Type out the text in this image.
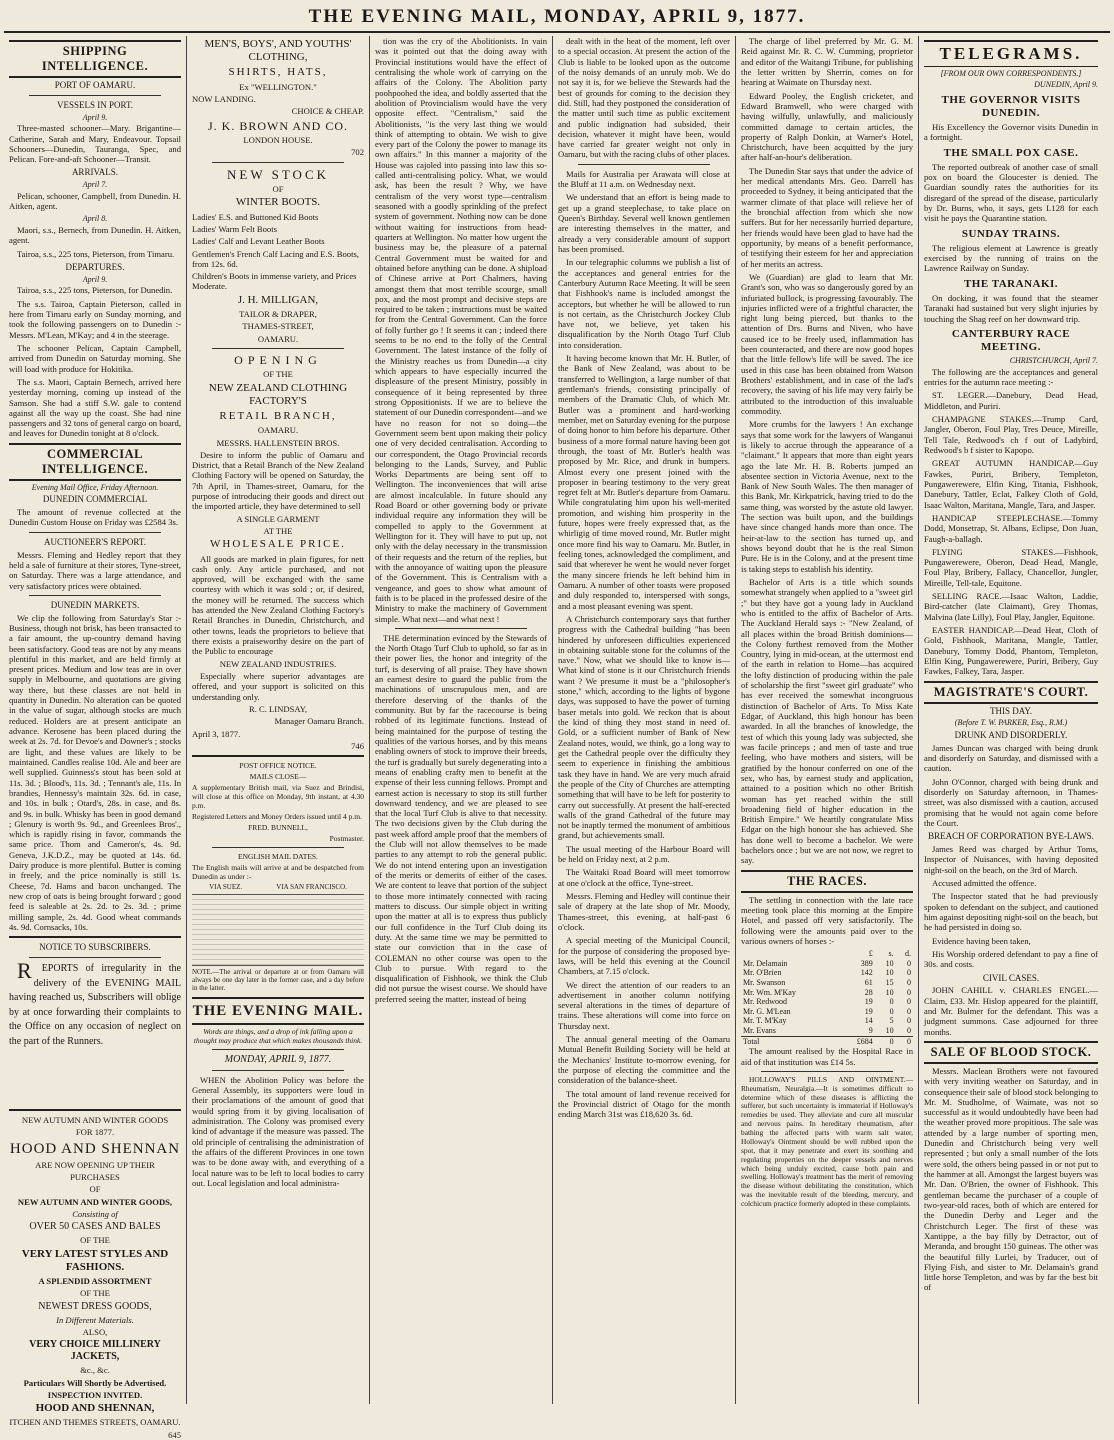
THE EVENING MAIL, MONDAY, APRIL 9, 1877.
SHIPPING INTELLIGENCE.
PORT OF OAMARU.
VESSELS IN PORT.
April 9.

Three-masted schooner—Mary. Brigantine—Catherine, Sarah and Mary, Endeavour. Topsail Schooners—Dunedin, Tauranga, Spec, and Pelican. Fore-and-aft Schooner—Transit.

ARRIVALS.
April 7.

Pelican, schooner, Campbell, from Dunedin. H. Aitken, agent.

April 8.

Maori, s.s., Bernech, from Dunedin. H. Aitken, agent.

Tairoa, s.s., 225 tons, Pieterson, from Timaru.

DEPARTURES.
April 9.

Tairoa, s.s., 225 tons, Pieterson, for Dunedin.

The s.s. Tairoa, Captain Pieterson, called in here from Timaru early on Sunday morning, and took the following passengers on to Dunedin :- Messrs. M'Lean, M'Kay; and 4 in the steerage.

The schooner Pelican, Captain Campbell, arrived from Dunedin on Saturday morning. She will load with produce for Hokitika.

The s.s. Maori, Captain Bernech, arrived here yesterday morning, coming up instead of the Samson. She had a stiff S.W. gale to contend against all the way up the coast. She had nine passengers and 32 tons of general cargo on board, and leaves for Dunedin tonight at 8 o'clock.

COMMERCIAL INTELLIGENCE.
Evening Mail Office, Friday Afternoon.
DUNEDIN COMMERCIAL

The amount of revenue collected at the Dunedin Custom House on Friday was £2584 3s.

AUCTIONEER'S REPORT.

Messrs. Fleming and Hedley report that they held a sale of furniture at their stores, Tyne-street, on Saturday. There was a large attendance, and very satisfactory prices were obtained.

DUNEDIN MARKETS.

We clip the following from Saturday's Star :- Business, though not brisk, has been transacted to a fair amount, the up-country demand having been satisfactory. Good teas are not by any means plentiful in this market, and are held firmly at present prices. Medium and low teas are in over supply in Melbourne, and quotations are giving way there, but these classes are not held in quantity in Dunedin. No alteration can be quoted in the value of sugar, although stocks are much reduced. Holders are at present anticipate an advance. Kerosene has been placed during the week at 2s. 7d. for Devoe's and Downer's ; stocks are light, and these values are likely to be maintained. Candles realise 10d. Ale and beer are well supplied. Guinness's stout has been sold at 11s. 3d. ; Blood's, 11s. 3d. ; Tennant's ale, 11s. In brandies, Hennessy's maintain 32s. 6d. in case, and 10s. in bulk ; Otard's, 28s. in case, and 8s. and 9s. in bulk. Whisky has been in good demand ; Glenury is worth 9s. 9d., and Greenlees Bros'., which is rapidly rising in favor, commands the same price. Thom and Cameron's, 4s. 9d. Geneva, J.K.D.Z., may be quoted at 14s. 6d. Dairy produce is more plentiful. Butter is coming in freely, and the price nominally is still 1s. Cheese, 7d. Hams and bacon unchanged. The new crop of oats is being brought forward ; good feed is saleable at 2s. 2d. to 2s. 3d. ; prime milling sample, 2s. 4d. Good wheat commands 4s. 9d. Cornsacks, 10s.

NOTICE TO SUBSCRIBERS.

REPORTS of irregularity in the delivery of the EVENING MAIL having reached us, Subscribers will oblige by at once forwarding their complaints to the Office on any occasion of neglect on the part of the Runners.

NEW AUTUMN AND WINTER GOODS

FOR 1877.

HOOD AND SHENNAN

ARE NOW OPENING UP THEIR

PURCHASES

OF

NEW AUTUMN AND WINTER GOODS,

Consisting of

OVER 50 CASES AND BALES

OF THE

VERY LATEST STYLES AND FASHIONS.

A SPLENDID ASSORTMENT

OF THE

NEWEST DRESS GOODS,

In Different Materials.

ALSO,

VERY CHOICE MILLINERY JACKETS,

&c., &c.

Particulars Will Shortly be Advertised.

INSPECTION INVITED.

HOOD AND SHENNAN,

ITCHEN AND THEMES STREETS, OAMARU.

645

MEN'S, BOYS', AND YOUTHS' CLOTHING,

SHIRTS, HATS,

Ex "WELLINGTON."

NOW LANDING.

CHOICE & CHEAP.

J. K. BROWN AND CO.

LONDON HOUSE.

702

NEW STOCK

OF

WINTER BOOTS.

Ladies' E.S. and Buttoned Kid Boots

Ladies' Warm Felt Boots

Ladies' Calf and Levant Leather Boots

Gentlemen's French Calf Lacing and E.S. Boots, from 12s. 6d.

Children's Boots in immense variety, and Prices Moderate.

J. H. MILLIGAN,

TAILOR & DRAPER,

THAMES-STREET,

OAMARU.

OPENING

OF THE

NEW ZEALAND CLOTHING FACTORY'S

RETAIL BRANCH,

OAMARU.

MESSRS. HALLENSTEIN BROS.

Desire to inform the public of Oamaru and District, that a Retail Branch of the New Zealand Clothing Factory will be opened on Saturday, the 7th April, in Thames-street, Oamaru, for the purpose of introducing their goods and direct out the imported article, they have determined to sell

A SINGLE GARMENT

AT THE

WHOLESALE PRICE.

All goods are marked in plain figures, for nett cash only. Any article purchased, and not approved, will be exchanged with the same courtesy with which it was sold ; or, if desired, the money will be returned. The success which has attended the New Zealand Clothing Factory's Retail Branches in Dunedin, Christchurch, and other towns, leads the proprietors to believe that there exists a praiseworthy desire on the part of the Public to encourage

NEW ZEALAND INDUSTRIES.

Especially where superior advantages are offered, and your support is solicited on this understanding only.

R. C. LINDSAY,

Manager Oamaru Branch.

April 3, 1877.

746

POST OFFICE NOTICE.

MAILS CLOSE—

A supplementary British mail, via Suez and Brindisi, will close at this office on Monday, 9th instant, at 4.30 p.m.

Registered Letters and Money Orders issued until 4 p.m.

FRED. BUNNELL,

Postmaster.

ENGLISH MAIL DATES.

The English mails will arrive at and be despatched from Dunedin as under :-

VIA SUEZ.	VIA SAN FRANCISCO.

NOTE.—The arrival or departure at or from Oamaru will always be one day later in the former case, and a day before in the latter.

THE EVENING MAIL.

Words are things, and a drop of ink falling upon a thought may produce that which makes thousands think.

MONDAY, APRIL 9, 1877.

WHEN the Abolition Policy was before the General Assembly, its supporters were loud in their proclamations of the amount of good that would spring from it by giving localisation of administration. The Colony was promised every kind of advantage if the measure was passed. The old principle of centralising the administration of the affairs of the different Provinces in one town was to be done away with, and everything of a local nature was to be left to local bodies to carry out. Local legislation and local administra-

tion was the cry of the Abolitionists. In vain was it pointed out that the doing away with Provincial institutions would have the effect of centralising the whole work of carrying on the affairs of the Colony. The Abolition party poohpoohed the idea, and boldly asserted that the abolition of Provincialism would have the very opposite effect. "Centralism," said the Abolitionists, "is the very last thing we would think of attempting to obtain. We wish to give every part of the Colony the power to manage its own affairs." In this manner a majority of the House was cajoled into passing into law this so-called anti-centralising policy. What, we would ask, has been the result ? Why, we have centralism of the very worst type—centralism seasoned with a goodly sprinkling of the prefect system of government. Nothing now can be done without waiting for instructions from head-quarters at Wellington. No matter how urgent the business may be, the pleasure of a paternal Central Government must be waited for and obtained before anything can be done. A shipload of Chinese arrive at Port Chalmers, having amongst them that most terrible scourge, small pox, and the most prompt and decisive steps are required to be taken ; instructions must be waited for from the Central Government. Can the force of folly further go ! It seems it can ; indeed there seems to be no end to the folly of the Central Government. The latest instance of the folly of the Ministry reaches us from Dunedin—a city which appears to have especially incurred the displeasure of the present Ministry, possibly in consequence of it being represented by three strong Oppositionists. If we are to believe the statement of our Dunedin correspondent—and we have no reason for not so doing—the Government seem bent upon making their policy one of very decided centralisation. According to our correspondent, the Otago Provincial records belonging to the Lands, Survey, and Public Works Departments are being sent off to Wellington. The inconveniences that will arise are almost incalculable. In future should any Road Board or other governing body or private individual require any information they will be compelled to apply to the Government at Wellington for it. They will have to put up, not only with the delay necessary in the transmission of their requests and the return of the replies, but with the annoyance of waiting upon the pleasure of the Government. This is Centralism with a vengeance, and goes to show what amount of faith is to be placed in the professed desire of the Ministry to make the machinery of Government simple. What next—and what next !

THE determination evinced by the Stewards of the North Otago Turf Club to uphold, so far as in their power lies, the honor and integrity of the turf, is deserving of all praise. They have shown an earnest desire to guard the public from the machinations of unscrupulous men, and are therefore deserving of the thanks of the community. But by far the racecourse is being robbed of its legitimate functions. Instead of being maintained for the purpose of testing the qualities of the various horses, and by this means enabling owners of stock to improve their breeds, the turf is gradually but surely degenerating into a means of enabling crafty men to benefit at the expense of their less cunning fellows. Prompt and earnest action is necessary to stop its still further downward tendency, and we are pleased to see that the local Turf Club is alive to that necessity. The two decisions given by the Club during the past week afford ample proof that the members of the Club will not allow themselves to be made parties to any attempt to rob the general public. We do not intend entering upon an investigation of the merits or demerits of either of the cases. We are content to leave that portion of the subject to those more intimately connected with racing matters to discuss. Our simple object in writing upon the matter at all is to express thus publicly our full confidence in the Turf Club doing its duty. At the same time we may be permitted to state our conviction that in the case of COLEMAN no other course was open to the Club to pursue. With regard to the disqualification of Fishhook, we think the Club did not pursue the wisest course. We should have preferred seeing the matter, instead of being

dealt with in the heat of the moment, left over to a special occasion. At present the action of the Club is liable to be looked upon as the outcome of the noisy demands of an unruly mob. We do not say it is, for we believe the Stewards had the best of grounds for coming to the decision they did. Still, had they postponed the consideration of the matter until such time as public excitement and public indignation had subsided, their decision, whatever it might have been, would have carried far greater weight not only in Oamaru, but with the racing clubs of other places.

Mails for Australia per Arawata will close at the Bluff at 11 a.m. on Wednesday next.

We understand that an effort is being made to get up a grand steeplechase, to take place on Queen's Birthday. Several well known gentlemen are interesting themselves in the matter, and already a very considerable amount of support has been promised.

In our telegraphic columns we publish a list of the acceptances and general entries for the Canterbury Autumn Race Meeting. It will be seen that Fishhook's name is included amongst the acceptors, but whether he will be allowed to run is not certain, as the Christchurch Jockey Club have not, we believe, yet taken his disqualification by the North Otago Turf Club into consideration.

It having become known that Mr. H. Butler, of the Bank of New Zealand, was about to be transferred to Wellington, a large number of that gentleman's friends, consisting principally of members of the Dramatic Club, of which Mr. Butler was a prominent and hard-working member, met on Saturday evening for the purpose of doing honor to him before his departure. Other business of a more formal nature having been got through, the toast of Mr. Butler's health was proposed by Mr. Rice, and drunk in bumpers. Almost every one present joined with the proposer in bearing testimony to the very great regret felt at Mr. Butler's departure from Oamaru. While congratulating him upon his well-merited promotion, and wishing him prosperity in the future, hopes were freely expressed that, as the whirligig of time moved round, Mr. Butler might once more find his way to Oamaru. Mr. Butler, in feeling tones, acknowledged the compliment, and said that wherever he went he would never forget the many sincere friends he left behind him in Oamaru. A number of other toasts were proposed and duly responded to, interspersed with songs, and a most pleasant evening was spent.

A Christchurch contemporary says that further progress with the Cathedral building "has been hindered by unforeseen difficulties experienced in obtaining suitable stone for the columns of the nave." Now, what we should like to know is—What kind of stone is it our Christchurch friends want ? We presume it must be a "philosopher's stone," which, according to the lights of bygone days, was supposed to have the power of turning baser metals into gold. We reckon that is about the kind of thing they most stand in need of. Gold, or a sufficient number of Bank of New Zealand notes, would, we think, go a long way to get the Cathedral people over the difficulty they seem to experience in finishing the ambitious task they have in hand. We are very much afraid the people of the City of Churches are attempting something that will have to be left for posterity to carry out successfully. At present the half-erected walls of the grand Cathedral of the future may not be inaptly termed the monument of ambitious grand, but achievements small.

The usual meeting of the Harbour Board will be held on Friday next, at 2 p.m.

The Waitaki Road Board will meet tomorrow at one o'clock at the office, Tyne-street.

Messrs. Fleming and Hedley will continue their sale of drapery at the late shop of Mr. Moody, Thames-street, this evening, at half-past 6 o'clock.

A special meeting of the Municipal Council, for the purpose of considering the proposed bye-laws, will be held this evening at the Council Chambers, at 7.15 o'clock.

We direct the attention of our readers to an advertisement in another column notifying several alterations in the times of departure of trains. These alterations will come into force on Thursday next.

The annual general meeting of the Oamaru Mutual Benefit Building Society will be held at the Mechanics' Institute to-morrow evening, for the purpose of electing the committee and the consideration of the balance-sheet.

The total amount of land revenue received for the Provincial district of Otago for the month ending March 31st was £18,620 3s. 6d.

The charge of libel preferred by Mr. G. M. Reid against Mr. R. C. W. Cumming, proprietor and editor of the Waitangi Tribune, for publishing the letter written by Sherrin, comes on for hearing at Waimate on Thursday next.

Edward Pooley, the English cricketer, and Edward Bramwell, who were charged with having wilfully, unlawfully, and maliciously committed damage to certain articles, the property of Ralph Donkin, at Warner's Hotel, Christchurch, have been acquitted by the jury after half-an-hour's deliberation.

The Dunedin Star says that under the advice of her medical attendants Mrs. Geo. Darrell has proceeded to Sydney, it being anticipated that the warmer climate of that place will relieve her of the bronchial affection from which she now suffers. But for her necessarily hurried departure, her friends would have been glad to have had the opportunity, by means of a benefit performance, of testifying their esteem for her and appreciation of her merits an actress.

We (Guardian) are glad to learn that Mr. Grant's son, who was so dangerously gored by an infuriated bullock, is progressing favourably. The injuries inflicted were of a frightful character, the right lung being pierced, but thanks to the attention of Drs. Burns and Niven, who have caused ice to be freely used, inflammation has been counteracted, and there are now good hopes that the little fellow's life will be saved. The ice used in this case has been obtained from Watson Brothers' establishment, and in case of the lad's recovery, the saving of his life may very fairly be attributed to the introduction of this invaluable commodity.

More crumbs for the lawyers ! An exchange says that some work for the lawyers of Wanganui is likely to accrue through the appearance of a "claimant." It appears that more than eight years ago the late Mr. H. B. Roberts jumped an absentee section in Victoria Avenue, next to the Bank of New South Wales. The then manager of this Bank, Mr. Kirkpatrick, having tried to do the same thing, was worsted by the astute old lawyer. The section was built upon, and the buildings have since changed hands more than once. The heir-at-law to the section has turned up, and shows beyond doubt that he is the real Simon Pure. He is in the Colony, and at the present time is taking steps to establish his identity.

Bachelor of Arts is a title which sounds somewhat strangely when applied to a "sweet girl ;" but they have got a young lady in Auckland who is entitled to the affix of Bachelor of Arts. The Auckland Herald says :- "New Zealand, of all places within the broad British dominions—the Colony furthest removed from the Mother Country, lying in mid-ocean, at the uttermost end of the earth in relation to Home—has acquired the lofty distinction of producing within the pale of scholarship the first "sweet girl graduate" who has ever received the somewhat incongruous distinction of Bachelor of Arts. To Miss Kate Edgar, of Auckland, this high honour has been awarded. In all the branches of knowledge, the test of which this young lady was subjected, she was facile princeps ; and men of taste and true feeling, who have mothers and sisters, will be gratified by the honour conferred on one of the sex, who has, by earnest study and application, attained to a position which no other British woman has yet reached within the still broadening field of higher education in the British Empire." We heartily congratulate Miss Edgar on the high honour she has achieved. She has done well to become a bachelor. We were bachelors once ; but we are not now, we regret to say.

THE RACES.

The settling in connection with the late race meeting took place this morning at the Empire Hotel, and passed off very satisfactorily. The following were the amounts paid over to the various owners of horses :-

	£	s.	d.
Mr. Delamain	389	10	0
Mr. O'Brien	142	10	0
Mr. Swanson	61	15	0
Mr. Wm. M'Kay	28	10	0
Mr. Redwood	19	0	0
Mr. G. M'Lean	19	0	0
Mr. T. M'Kay	14	5	0
Mr. Evans	9	10	0
Total	£684	0	0

The amount realised by the Hospital Race in aid of that institution was £14 5s.

HOLLOWAY'S PILLS AND OINTMENT.—Rheumatism, Neuralgia.—It is sometimes difficult to determine which of these diseases is afflicting the sufferer, but such uncertainty is immaterial if Holloway's remedies be used. They alleviate and cure all muscular and nervous pains. In hereditary rheumatism, after bathing the affected parts with warm salt water, Holloway's Ointment should be well rubbed upon the spot, that it may penetrate and exert its soothing and regulating properties on the deeper vessels and nerves which being unduly excited, cause both pain and swelling. Holloway's treatment has the merit of removing the disease without debilitating the constitution, which was the inevitable result of the bleeding, mercury, and colchicum practice formerly adopted in these complaints.

TELEGRAMS.
[FROM OUR OWN CORRESPONDENTS.]
DUNEDIN, April 9.
THE GOVERNOR VISITS DUNEDIN.

His Excellency the Governor visits Dunedin in a fortnight.

THE SMALL POX CASE.

The reported outbreak of another case of small pox on board the Gloucester is denied. The Guardian soundly rates the authorities for its disregard of the spread of the disease, particularly by Dr. Burns, who, it says, gets L128 for each visit he pays the Quarantine station.

SUNDAY TRAINS.

The religious element at Lawrence is greatly exercised by the running of trains on the Lawrence Railway on Sunday.

THE TARANAKI.

On docking, it was found that the steamer Taranaki had sustained but very slight injuries by touching the Shag reef on her downward trip.

CANTERBURY RACE MEETING.
CHRISTCHURCH, April 7.

The following are the acceptances and general entries for the autumn race meeting :-

ST. LEGER.—Danebury, Dead Head, Middleton, and Puriri.

CHAMPAGNE STAKES.—Trump Card, Jangler, Oberon, Foul Play, Tres Deuce, Mireille, Tell Tale, Redwood's ch f out of Ladybird, Redwood's b f sister to Kapopo.

GREAT AUTUMN HANDICAP.—Guy Fawkes, Puriri, Bribery, Templeton, Pungawerewere, Elfin King, Titania, Fishhook, Danebury, Tattler, Eclat, Falkey Cloth of Gold, Isaac Walton, Maritana, Mangle, Tara, and Jasper.

HANDICAP STEEPLECHASE.—Tommy Dodd, Monsetrap, St. Albans, Eclipse, Don Juan, Faugh-a-ballagh.

FLYING STAKES.—Fishhook, Pungawerewere, Oberon, Dead Head, Mangle, Foul Play, Bribery, Fallacy, Chancellor, Jungler, Mireille, Tell-tale, Equitone.

SELLING RACE.—Isaac Walton, Laddie, Bird-catcher (late Claimant), Grey Thomas, Malvina (late Lilly), Foul Play, Jangler, Equitone.

EASTER HANDICAP.—Dead Heat, Cloth of Gold, Fishhook, Maritana, Mangle, Tattler, Danebury, Tommy Dodd, Phantom, Templeton, Elfin King, Pungawerewere, Puriri, Bribery, Guy Fawkes, Falkey, Tara, Jasper.

MAGISTRATE'S COURT.
THIS DAY.
(Before T. W. PARKER, Esq., R.M.)
DRUNK AND DISORDERLY.

James Duncan was charged with being drunk and disorderly on Saturday, and dismissed with a caution.

John O'Connor, charged with being drunk and disorderly on Saturday afternoon, in Thames-street, was also dismissed with a caution, accused promising that he would not again come before the Court.

BREACH OF CORPORATION BYE-LAWS.

James Reed was charged by Arthur Toms, Inspector of Nuisances, with having deposited night-soil on the beach, on the 3rd of March.

Accused admitted the offence.

The Inspector stated that he had previously spoken to defendant on the subject, and cautioned him against depositing night-soil on the beach, but he had persisted in doing so.

Evidence having been taken,

His Worship ordered defendant to pay a fine of 30s. and costs.

CIVIL CASES.

JOHN CAHILL v. CHARLES ENGEL.—Claim, £33. Mr. Hislop appeared for the plaintiff, and Mr. Bulmer for the defendant. This was a judgment summons. Case adjourned for three months.

SALE OF BLOOD STOCK.

Messrs. Maclean Brothers were not favoured with very inviting weather on Saturday, and in consequence their sale of blood stock belonging to Mr. M. Studholme, of Waimate, was not so successful as it would undoubtedly have been had the weather proved more propitious. The sale was attended by a large number of sporting men, Dunedin and Christchurch being very well represented ; but only a small number of the lots were sold, the others being passed in or not put to the hammer at all. Amongst the largest buyers was Mr. Dan. O'Brien, the owner of Fishhook. This gentleman became the purchaser of a couple of two-year-old races, both of which are entered for the Dunedin Derby and Leger and the Christchurch Leger. The first of these was Xantippe, a the bay filly by Detractor, out of Meranda, and brought 150 guineas. The other was the beautiful filly Lurlei, by Traducer, out of Flying Fish, and sister to Mr. Delamain's grand little horse Templeton, and was by far the best bit of
